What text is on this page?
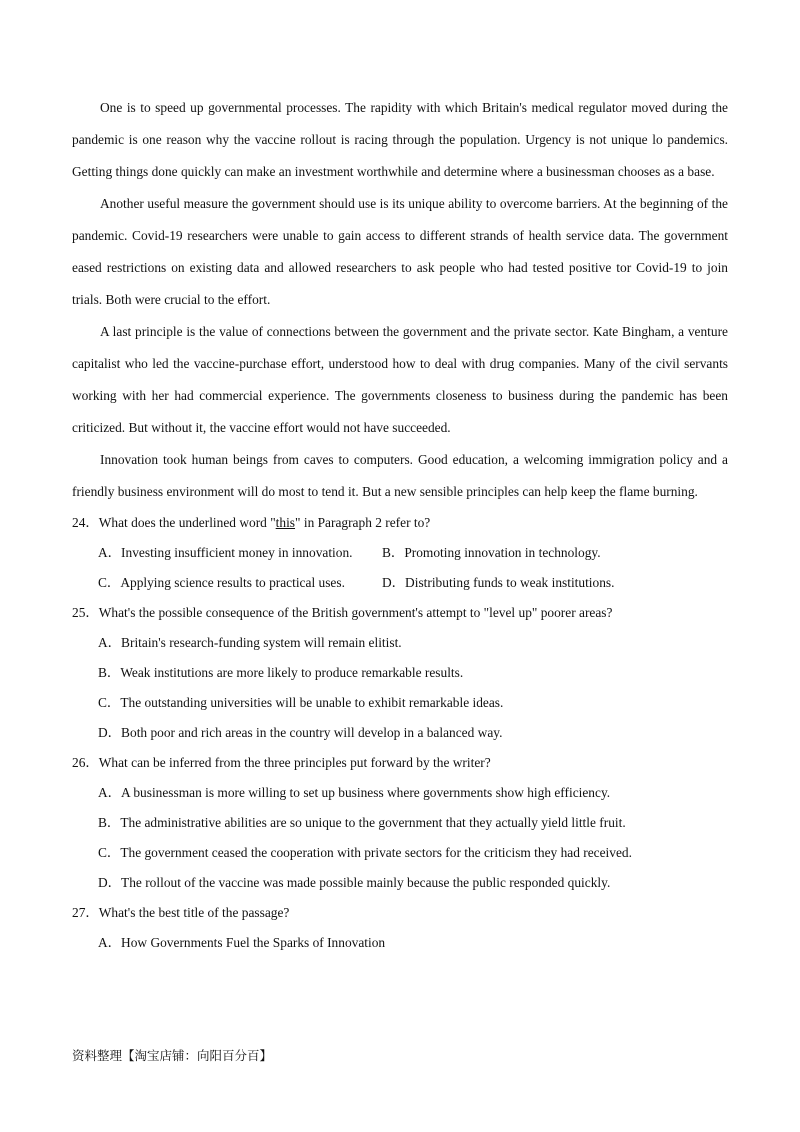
One is to speed up governmental processes. The rapidity with which Britain's medical regulator moved during the pandemic is one reason why the vaccine rollout is racing through the population. Urgency is not unique lo pandemics. Getting things done quickly can make an investment worthwhile and determine where a businessman chooses as a base.

Another useful measure the government should use is its unique ability to overcome barriers. At the beginning of the pandemic. Covid-19 researchers were unable to gain access to different strands of health service data. The government eased restrictions on existing data and allowed researchers to ask people who had tested positive tor Covid-19 to join trials. Both were crucial to the effort.

A last principle is the value of connections between the government and the private sector. Kate Bingham, a venture capitalist who led the vaccine-purchase effort, understood how to deal with drug companies. Many of the civil servants working with her had commercial experience. The governments closeness to business during the pandemic has been criticized. But without it, the vaccine effort would not have succeeded.

Innovation took human beings from caves to computers. Good education, a welcoming immigration policy and a friendly business environment will do most to tend it. But a new sensible principles can help keep the flame burning.

24．What does the underlined word "this" in Paragraph 2 refer to?

A．Investing insufficient money in innovation.	B．Promoting innovation in technology.

C．Applying science results to practical uses.	D．Distributing funds to weak institutions.

25．What's the possible consequence of the British government's attempt to "level up" poorer areas?

A．Britain's research-funding system will remain elitist.

B．Weak institutions are more likely to produce remarkable results.

C．The outstanding universities will be unable to exhibit remarkable ideas.

D．Both poor and rich areas in the country will develop in a balanced way.

26．What can be inferred from the three principles put forward by the writer?

A．A businessman is more willing to set up business where governments show high efficiency.

B．The administrative abilities are so unique to the government that they actually yield little fruit.

C．The government ceased the cooperation with private sectors for the criticism they had received.

D．The rollout of the vaccine was made possible mainly because the public responded quickly.

27．What's the best title of the passage?

A．How Governments Fuel the Sparks of Innovation

资料整理【淘宝店铺：向阳百分百】
